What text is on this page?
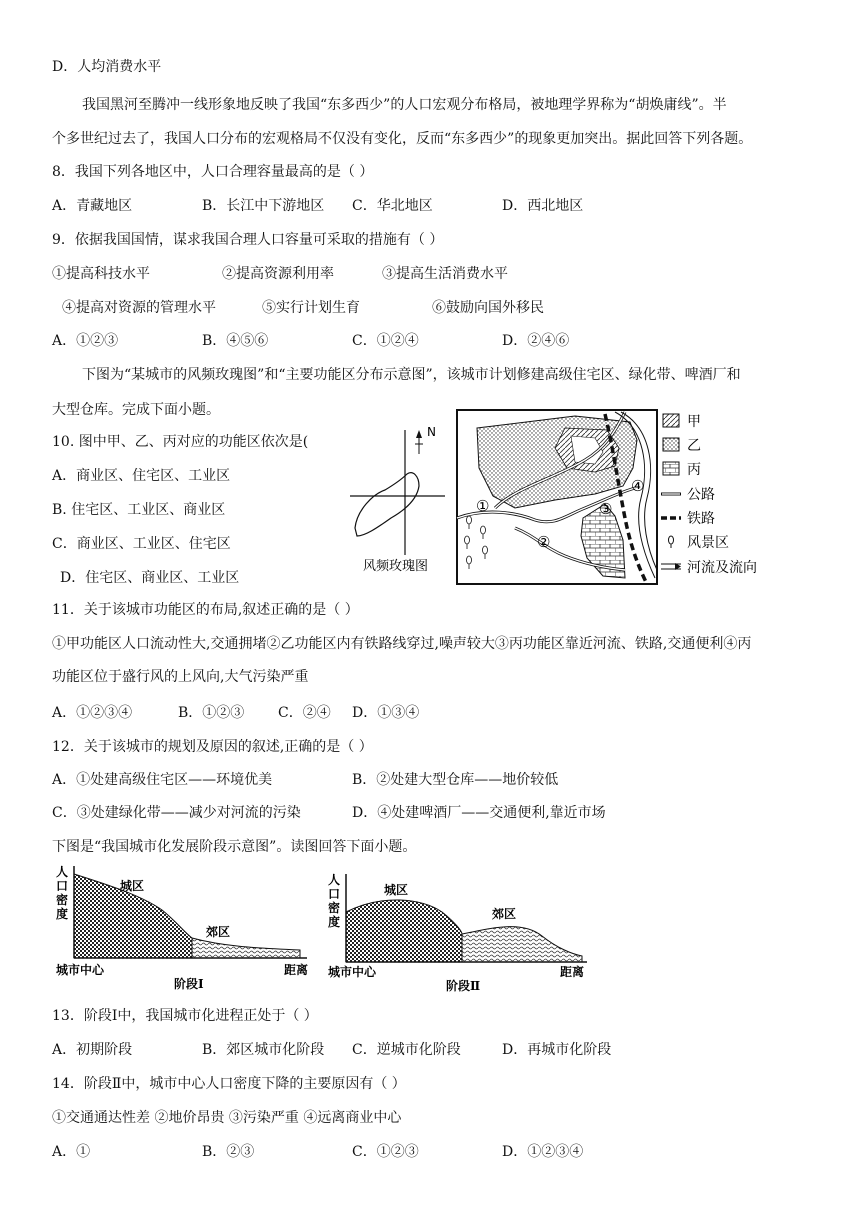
D．人均消费水平
我国黑河至腾冲一线形象地反映了我国“东多西少”的人口宏观分布格局，被地理学界称为“胡焕庸线”。半
个多世纪过去了，我国人口分布的宏观格局不仅没有变化，反而“东多西少”的现象更加突出。据此回答下列各题。
8．我国下列各地区中，人口合理容量最高的是（ ）
A．青藏地区	B．长江中下游地区 C．华北地区	D．西北地区
9．依据我国国情，谋求我国合理人口容量可采取的措施有（ ）
①提高科技水平	②提高资源利用率	③提高生活消费水平
④提高对资源的管理水平	⑤实行计划生育	⑥鼓励向国外移民
A．①②③	B．④⑤⑥	C．①②④	D．②④⑥
下图为“某城市的风频玫瑰图”和“主要功能区分布示意图”，该城市计划修建高级住宅区、绿化带、啤酒厂和
大型仓库。完成下面小题。
10. 图中甲、乙、丙对应的功能区依次是(
A．商业区、住宅区、工业区
B. 住宅区、工业区、商业区
C．商业区、工业区、住宅区
D．住宅区、商业区、工业区
N
风频玫瑰图
①
②
③
④
甲
乙
丙
公路
铁路
风景区
河流及流向
11．关于该城市功能区的布局,叙述正确的是（ ）
①甲功能区人口流动性大,交通拥堵②乙功能区内有铁路线穿过,噪声较大③丙功能区靠近河流、铁路,交通便利④丙
功能区位于盛行风的上风向,大气污染严重
A．①②③④	B．①②③ C．②④ D．①③④
12．关于该城市的规划及原因的叙述,正确的是（ ）
A．①处建高级住宅区——环境优美	B．②处建大型仓库——地价较低
C．③处建绿化带——减少对河流的污染	D．④处建啤酒厂——交通便利,靠近市场
下图是“我国城市化发展阶段示意图”。读图回答下面小题。
人
口
密
度
城区
郊区
城市中心	距离
阶段Ⅰ
人
口
密
度
城区
郊区
城市中心	距离
阶段Ⅱ
13．阶段Ⅰ中，我国城市化进程正处于（ ）
A．初期阶段	B．郊区城市化阶段 C．逆城市化阶段	D．再城市化阶段
14．阶段Ⅱ中，城市中心人口密度下降的主要原因有（ ）
①交通通达性差 ②地价昂贵 ③污染严重 ④远离商业中心
A．①	B．②③	C．①②③	D．①②③④
